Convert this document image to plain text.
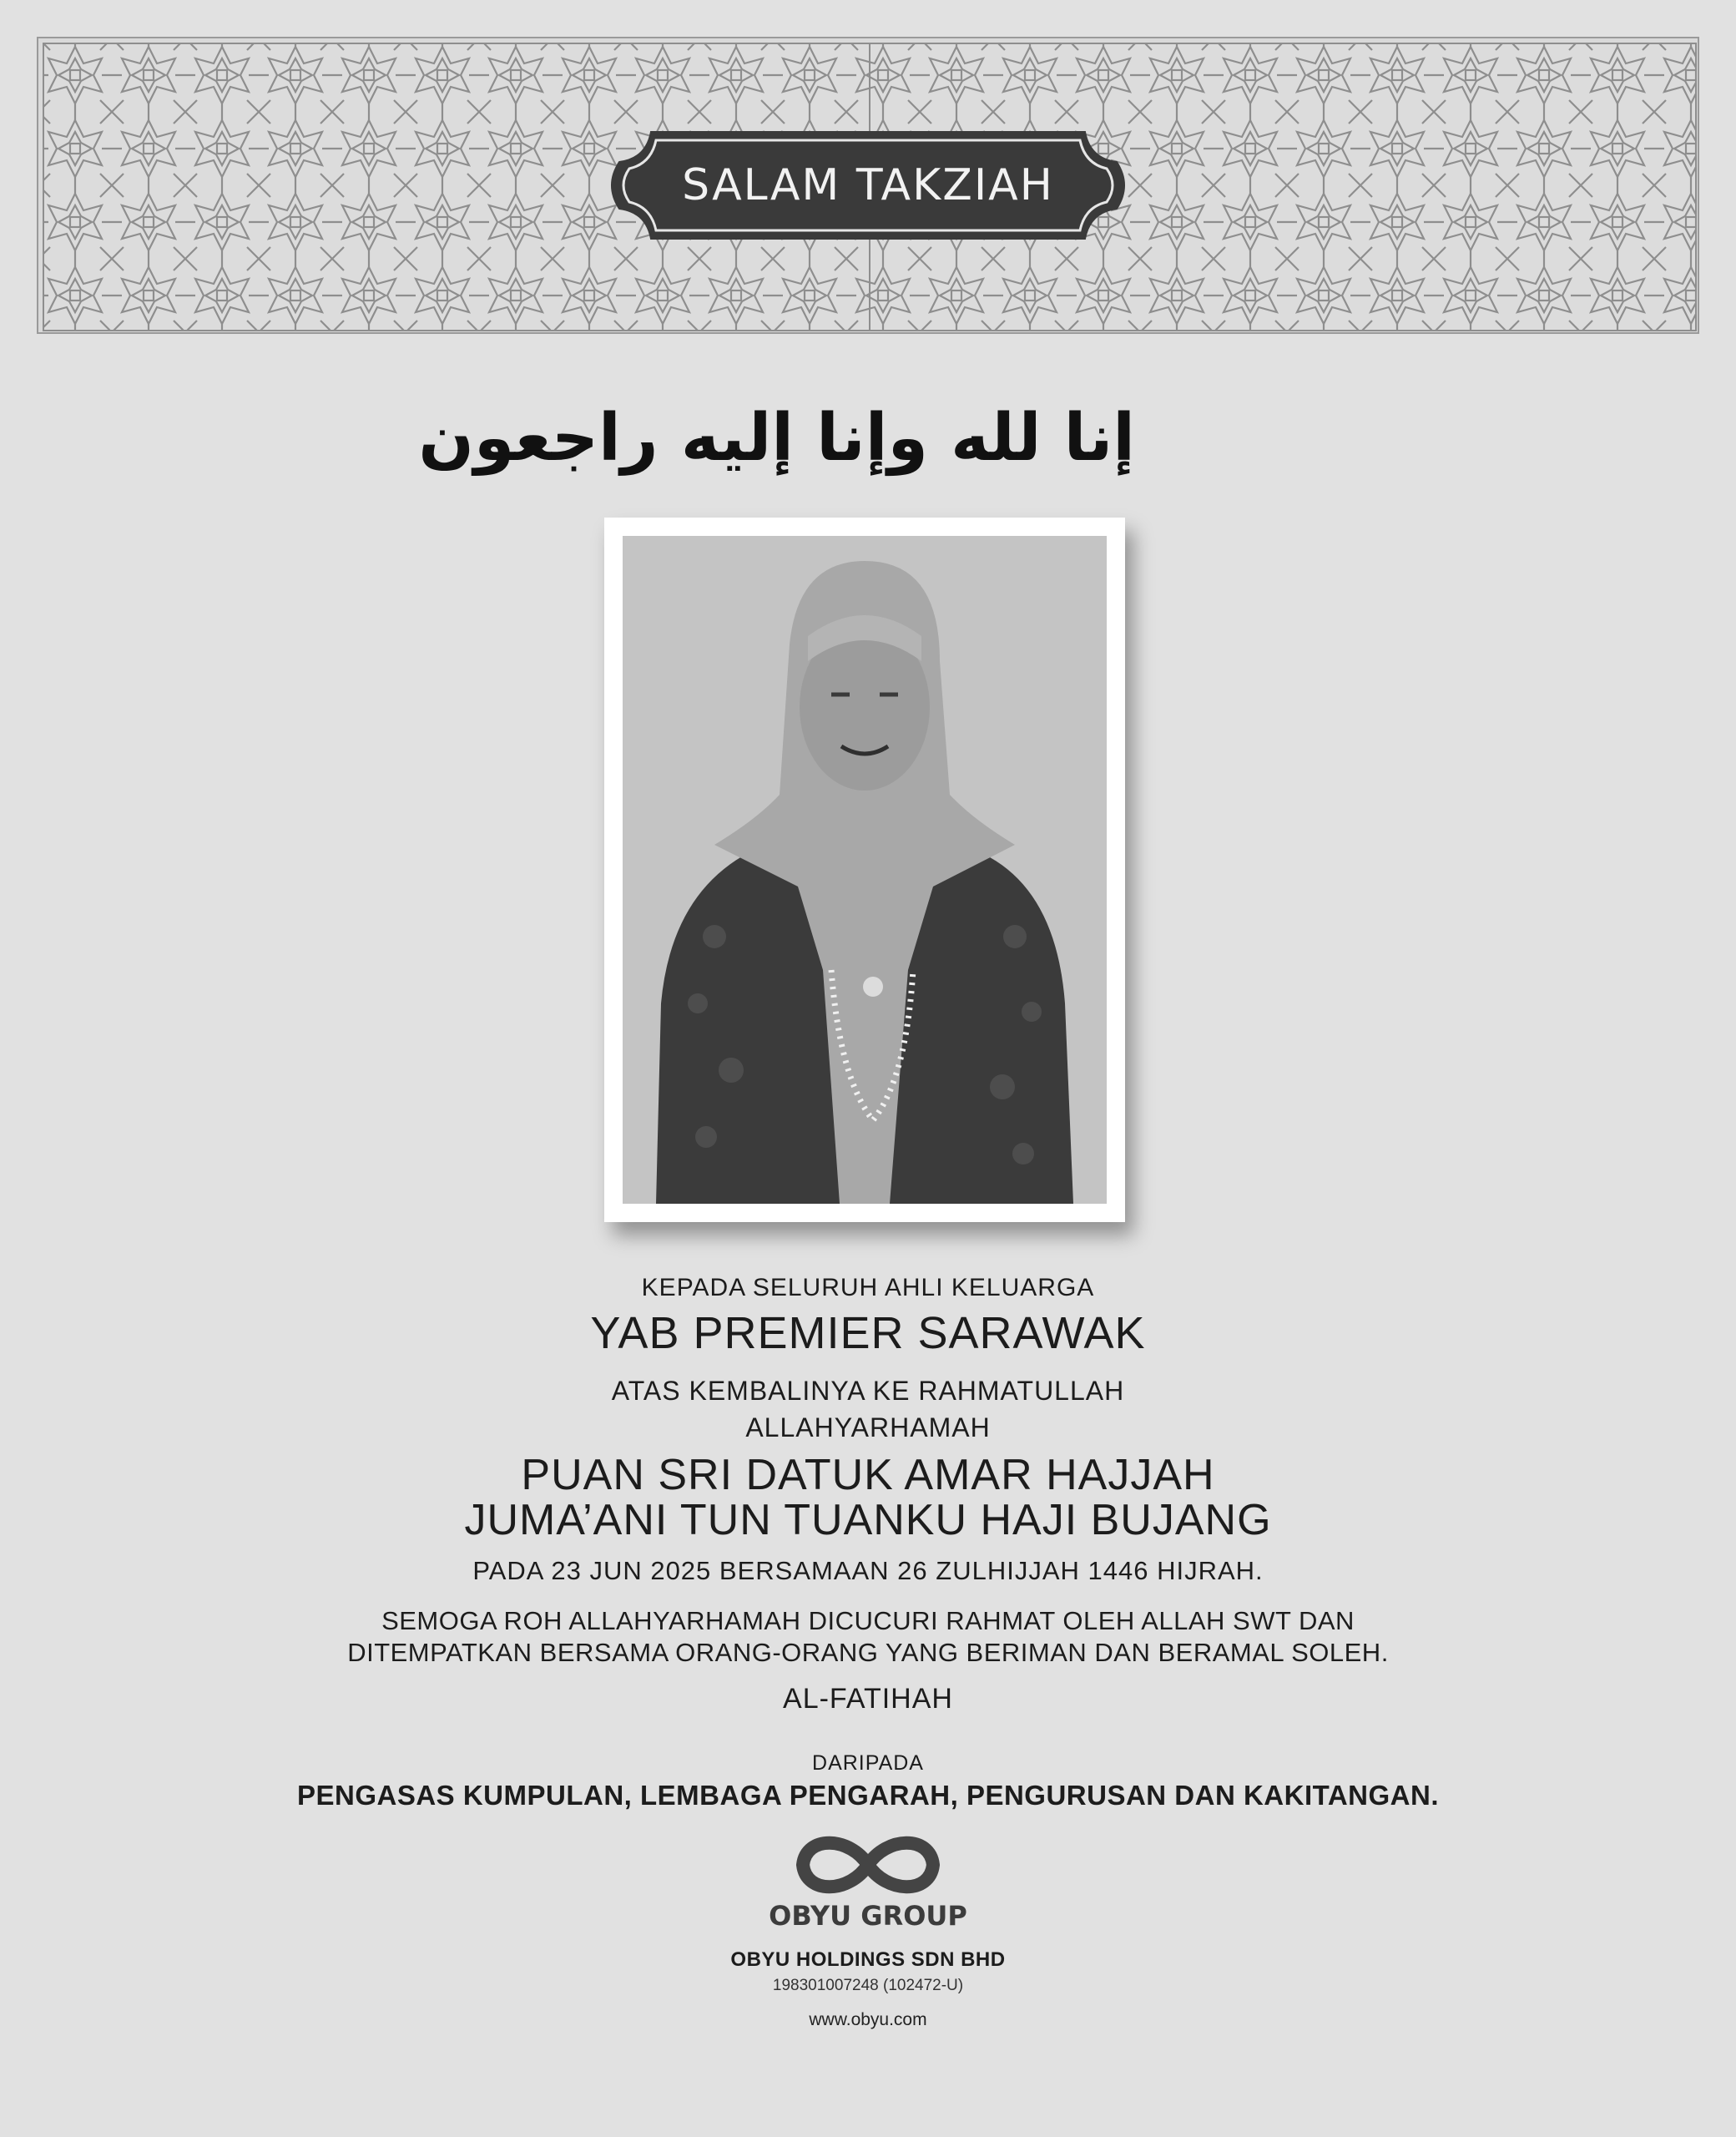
SALAM TAKZIAH
إنا لله وإنا إليه راجعون
KEPADA SELURUH AHLI KELUARGA
YAB PREMIER SARAWAK
ATAS KEMBALINYA KE RAHMATULLAH
ALLAHYARHAMAH
PUAN SRI DATUK AMAR HAJJAH
JUMA’ANI TUN TUANKU HAJI BUJANG
PADA 23 JUN 2025 BERSAMAAN 26 ZULHIJJAH 1446 HIJRAH.
SEMOGA ROH ALLAHYARHAMAH DICUCURI RAHMAT OLEH ALLAH SWT DAN
DITEMPATKAN BERSAMA ORANG-ORANG YANG BERIMAN DAN BERAMAL SOLEH.
AL-FATIHAH
DARIPADA
PENGASAS KUMPULAN, LEMBAGA PENGARAH, PENGURUSAN DAN KAKITANGAN.
OBYU GROUP
OBYU HOLDINGS SDN BHD
198301007248 (102472-U)
www.obyu.com
